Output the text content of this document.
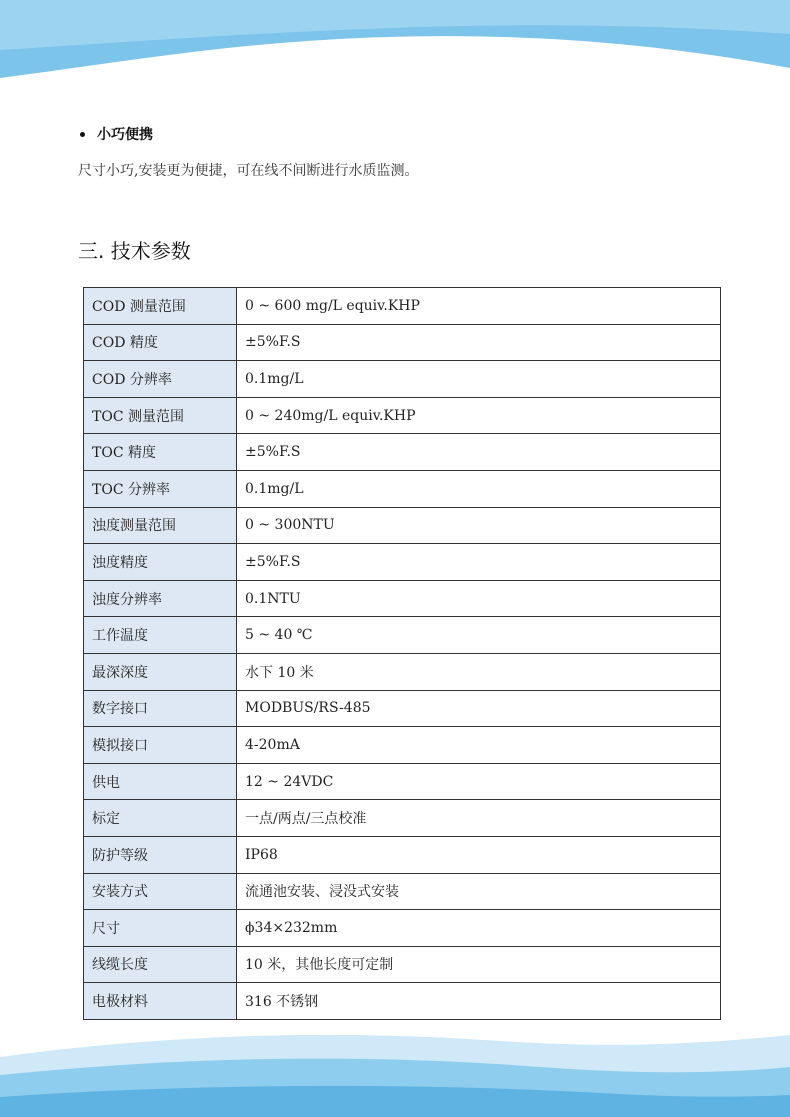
小巧便携
尺寸小巧,安装更为便捷，可在线不间断进行水质监测。
三. 技术参数
COD 测量范围	0 ~ 600 mg/L equiv.KHP
COD 精度	±5%F.S
COD 分辨率	0.1mg/L
TOC 测量范围	0 ~ 240mg/L equiv.KHP
TOC 精度	±5%F.S
TOC 分辨率	0.1mg/L
浊度测量范围	0 ~ 300NTU
浊度精度	±5%F.S
浊度分辨率	0.1NTU
工作温度	5 ~ 40 ℃
最深深度	水下 10 米
数字接口	MODBUS/RS-485
模拟接口	4-20mA
供电	12 ~ 24VDC
标定	一点/两点/三点校准
防护等级	IP68
安装方式	流通池安装、浸没式安装
尺寸	ϕ34×232mm
线缆长度	10 米，其他长度可定制
电极材料	316 不锈钢
